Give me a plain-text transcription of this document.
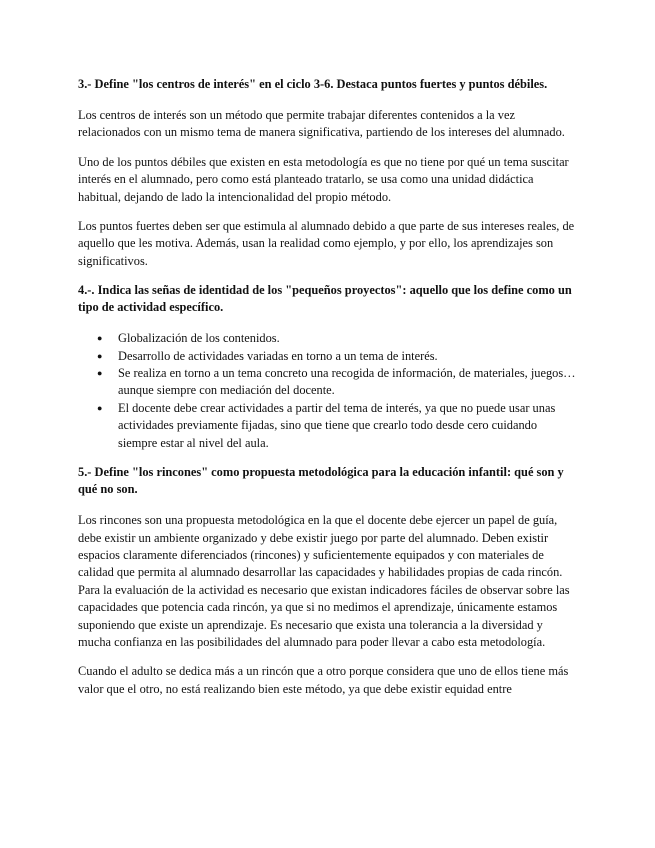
3.- Define "los centros de interés" en el ciclo 3-6. Destaca puntos fuertes y puntos débiles.

Los centros de interés son un método que permite trabajar diferentes contenidos a la vez relacionados con un mismo tema de manera significativa, partiendo de los intereses del alumnado.

Uno de los puntos débiles que existen en esta metodología es que no tiene por qué un tema suscitar interés en el alumnado, pero como está planteado tratarlo, se usa como una unidad didáctica habitual, dejando de lado la intencionalidad del propio método.

Los puntos fuertes deben ser que estimula al alumnado debido a que parte de sus intereses reales, de aquello que les motiva. Además, usan la realidad como ejemplo, y por ello, los aprendizajes son significativos.

4.-. Indica las señas de identidad de los "pequeños proyectos": aquello que los define como un tipo de actividad específico.
● Globalización de los contenidos.
● Desarrollo de actividades variadas en torno a un tema de interés.
● Se realiza en torno a un tema concreto una recogida de información, de materiales, juegos… aunque siempre con mediación del docente.
● El docente debe crear actividades a partir del tema de interés, ya que no puede usar unas actividades previamente fijadas, sino que tiene que crearlo todo desde cero cuidando siempre estar al nivel del aula.
5.- Define "los rincones" como propuesta metodológica para la educación infantil: qué son y qué no son.

Los rincones son una propuesta metodológica en la que el docente debe ejercer un papel de guía, debe existir un ambiente organizado y debe existir juego por parte del alumnado. Deben existir espacios claramente diferenciados (rincones) y suficientemente equipados y con materiales de calidad que permita al alumnado desarrollar las capacidades y habilidades propias de cada rincón. Para la evaluación de la actividad es necesario que existan indicadores fáciles de observar sobre las capacidades que potencia cada rincón, ya que si no medimos el aprendizaje, únicamente estamos suponiendo que existe un aprendizaje. Es necesario que exista una tolerancia a la diversidad y mucha confianza en las posibilidades del alumnado para poder llevar a cabo esta metodología.

Cuando el adulto se dedica más a un rincón que a otro porque considera que uno de ellos tiene más valor que el otro, no está realizando bien este método, ya que debe existir equidad entre
